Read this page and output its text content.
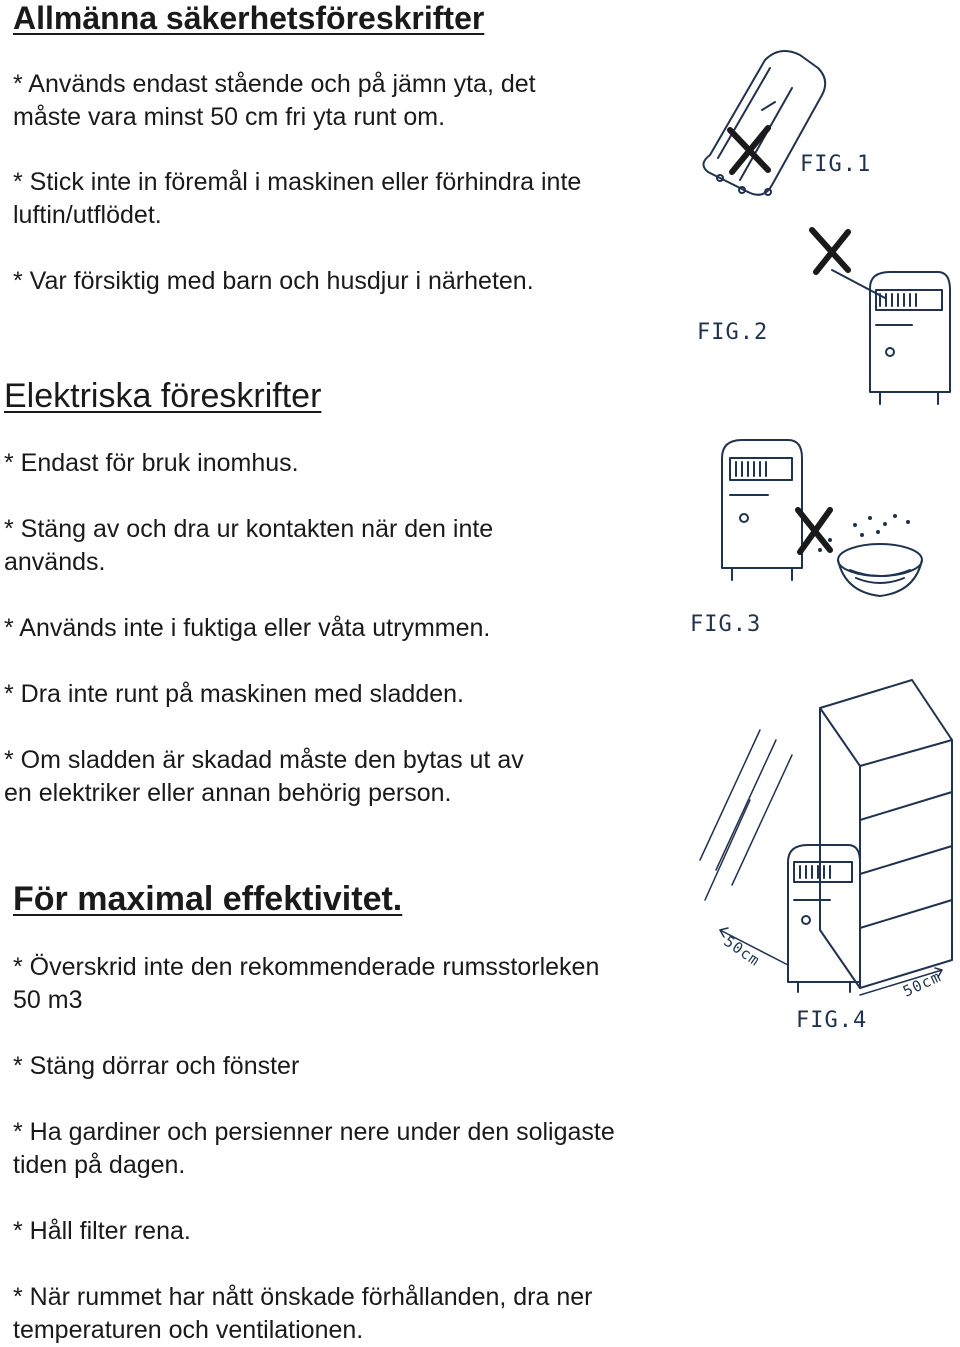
Allmänna säkerhetsföreskrifter

* Används endast stående och på jämn yta, det
måste vara minst 50 cm fri yta runt om.

* Stick inte in föremål i maskinen eller förhindra inte
luftin/utflödet.

* Var försiktig med barn och husdjur i närheten.

Elektriska föreskrifter

* Endast för bruk inomhus.

* Stäng av och dra ur kontakten när den inte
används.

* Används inte i fuktiga eller våta utrymmen.

* Dra inte runt på maskinen med sladden.

* Om sladden är skadad måste den bytas ut av
en elektriker eller annan behörig person.

För maximal effektivitet.

* Överskrid inte den rekommenderade rumsstorleken
50 m3

* Stäng dörrar och fönster

* Ha gardiner och persienner nere under den soligaste
tiden på dagen.

* Håll filter rena.

* När rummet har nått önskade förhållanden, dra ner
temperaturen och ventilationen.

FIG.1
FIG.2
FIG.3
FIG.4
50cm
50cm
